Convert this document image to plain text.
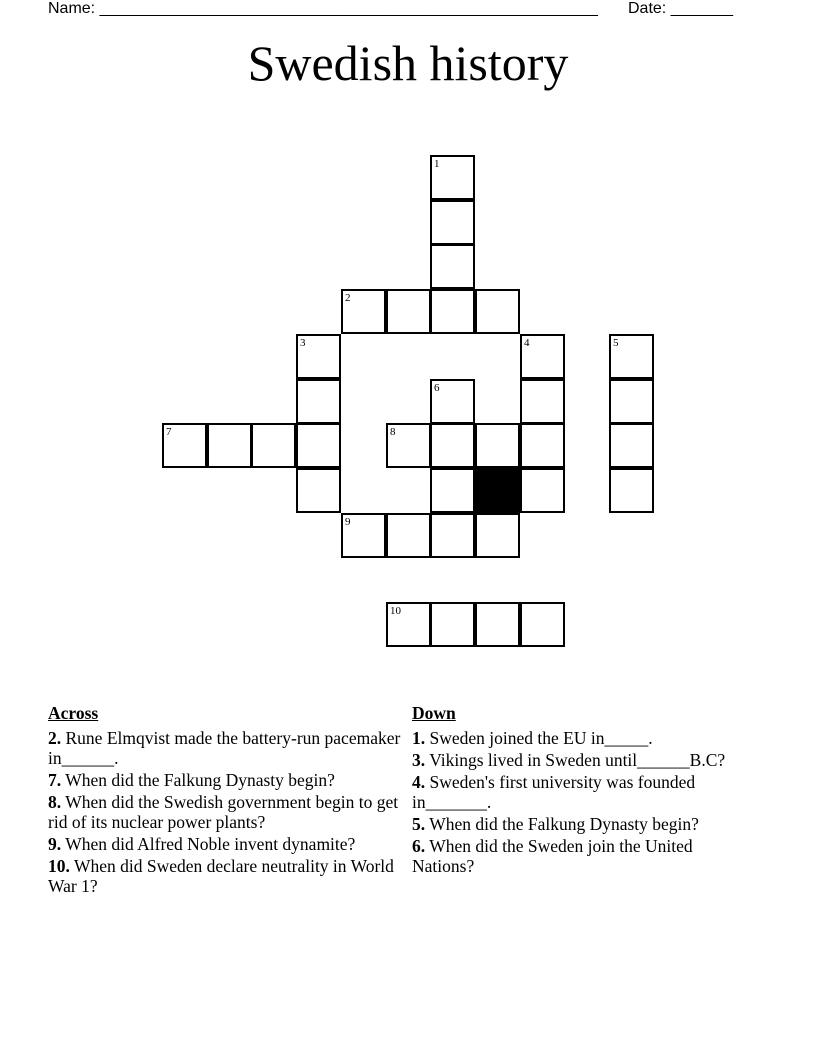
Name: ________________________________________________________ Date: _______
Swedish history
1
2
3	4	5
6
7	8
9
10
Across
2. Rune Elmqvist made the battery-run pacemaker in______.
7. When did the Falkung Dynasty begin?
8. When did the Swedish government begin to get rid of its nuclear power plants?
9. When did Alfred Noble invent dynamite?
10. When did Sweden declare neutrality in World War 1?
Down
1. Sweden joined the EU in_____.
3. Vikings lived in Sweden until______B.C?
4. Sweden's first university was founded in_______.
5. When did the Falkung Dynasty begin?
6. When did the Sweden join the United Nations?
